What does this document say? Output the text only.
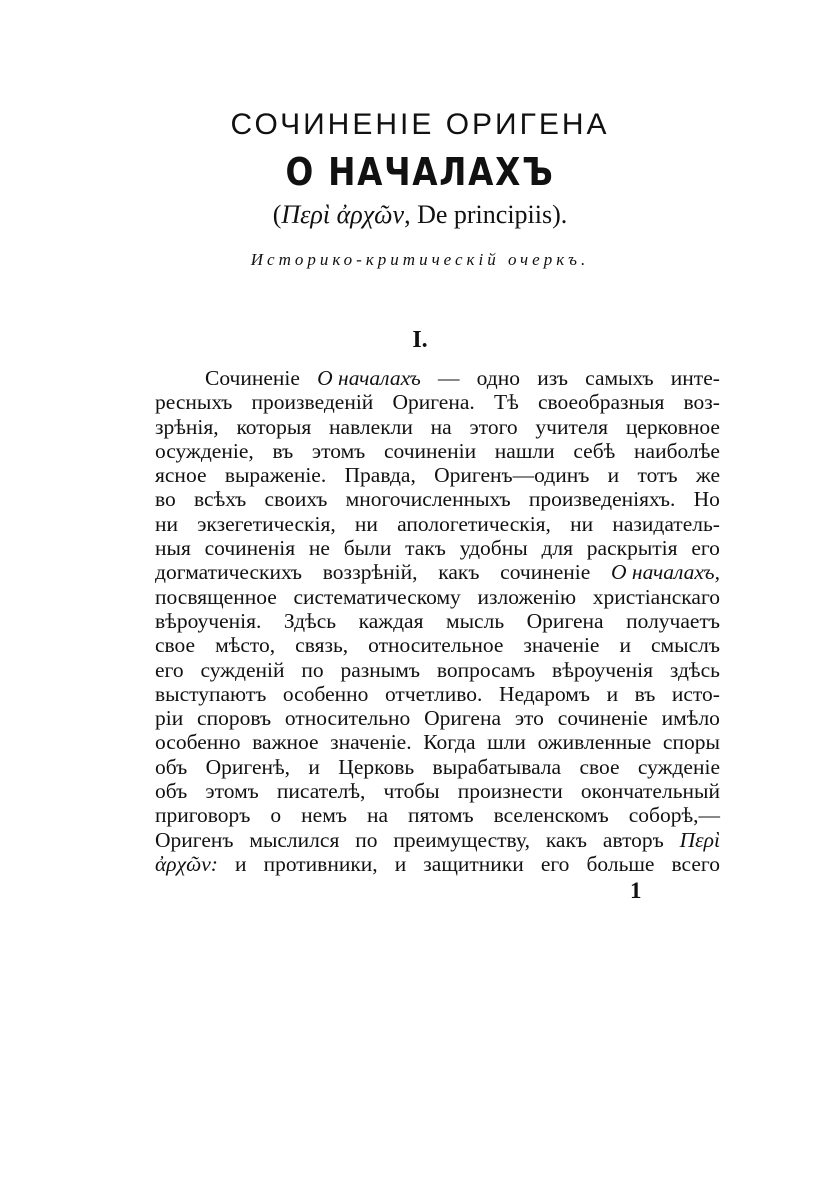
СОЧИНЕНІЕ ОРИГЕНА
О НАЧАЛАХЪ
(Περὶ ἀρχῶν, De principiis).
Историко-критическій очеркъ.
I.
Сочиненіе О началахъ — одно изъ самыхъ инте-
ресныхъ произведеній Оригена. Тѣ своеобразныя воз-
зрѣнія, которыя навлекли на этого учителя церковное
осужденіе, въ этомъ сочиненіи нашли себѣ наиболѣе
ясное выраженіе. Правда, Оригенъ—одинъ и тотъ же
во всѣхъ своихъ многочисленныхъ произведеніяхъ. Но
ни экзегетическія, ни апологетическія, ни назидатель-
ныя сочиненія не были такъ удобны для раскрытія его
догматическихъ воззрѣній, какъ сочиненіе О началахъ,
посвященное систематическому изложенію христіанскаго
вѣроученія. Здѣсь каждая мысль Оригена получаетъ
свое мѣсто, связь, относительное значеніе и смыслъ
его сужденій по разнымъ вопросамъ вѣроученія здѣсь
выступаютъ особенно отчетливо. Недаромъ и въ исто-
ріи споровъ относительно Оригена это сочиненіе имѣло
особенно важное значеніе. Когда шли оживленные споры
объ Оригенѣ, и Церковь вырабатывала свое сужденіе
объ этомъ писателѣ, чтобы произнести окончательный
приговоръ о немъ на пятомъ вселенскомъ соборѣ,—
Оригенъ мыслился по преимуществу, какъ авторъ Περὶ
ἀρχῶν: и противники, и защитники его больше всего
1
